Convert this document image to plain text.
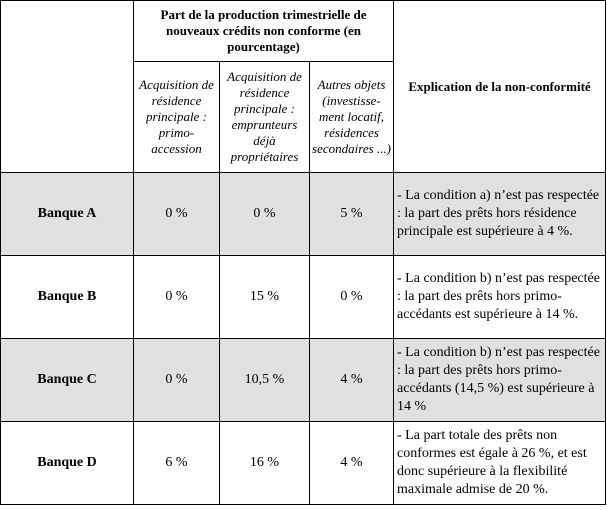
	Part de la production trimestrielle de nouveaux crédits non conforme (en pourcentage)			Explication de la non-conformité
	Acquisition de résidence principale : primo-accession	Acquisition de résidence principale : emprunteurs déjà propriétaires	Autres objets (investisse-ment locatif, résidences secondaires ...)	
Banque A	0 %	0 %	5 %	- La condition a) n’est pas respectée : la part des prêts hors résidence principale est supérieure à 4 %.
Banque B	0 %	15 %	0 %	- La condition b) n’est pas respectée : la part des prêts hors primo-accédants est supérieure à 14 %.
Banque C	0 %	10,5 %	4 %	- La condition b) n’est pas respectée : la part des prêts hors primo-accédants (14,5 %) est supérieure à 14 %
Banque D	6 %	16 %	4 %	- La part totale des prêts non conformes est égale à 26 %, et est donc supérieure à la flexibilité maximale admise de 20 %.
